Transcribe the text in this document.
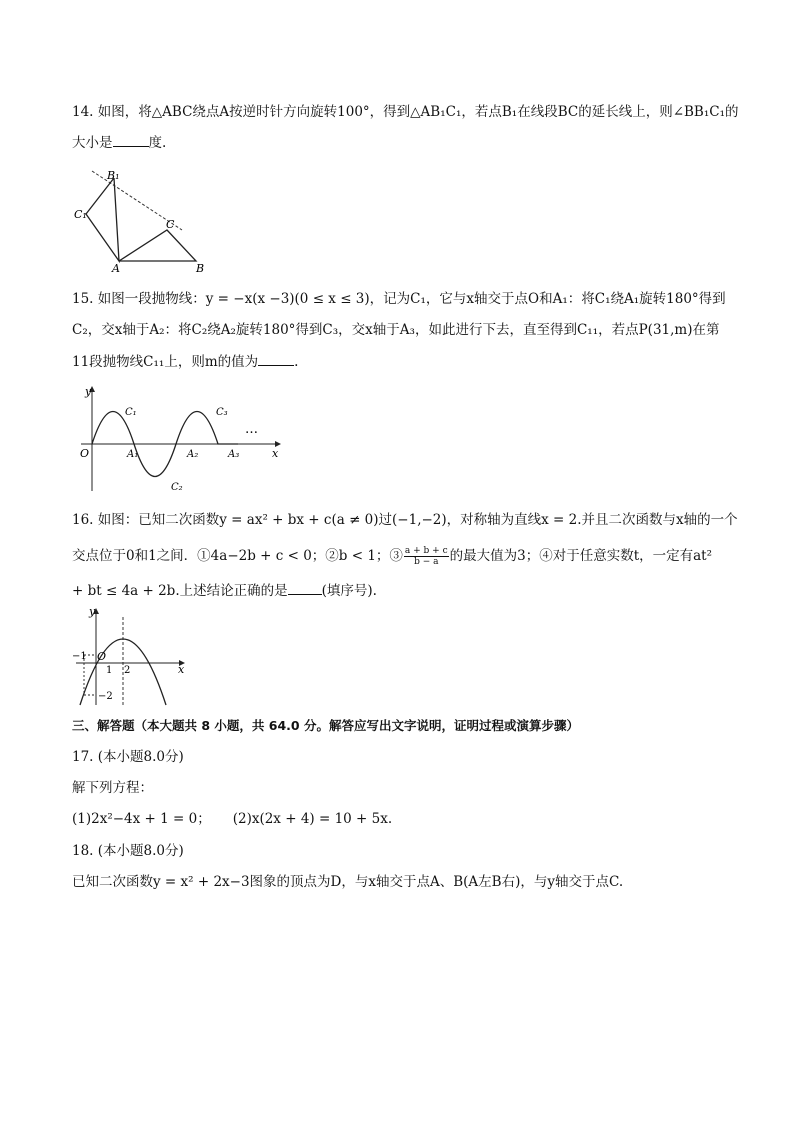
14. 如图，将△ABC绕点A按逆时针方向旋转100°，得到△AB₁C₁，若点B₁在线段BC的延长线上，则∠BB₁C₁的
大小是	度.
B₁
C₁
C
A	B
15. 如图一段抛物线：y = −x(x −3)(0 ≤ x ≤ 3)，记为C₁，它与x轴交于点O和A₁：将C₁绕A₁旋转180°得到
C₂，交x轴于A₂：将C₂绕A₂旋转180°得到C₃，交x轴于A₃，如此进行下去，直至得到C₁₁，若点P(31,m)在第
11段抛物线C₁₁上，则m的值为	.
y
x
O	A₁	A₂	A₃
C₁
C₂
C₃
…
16. 如图：已知二次函数y = ax² + bx + c(a ≠ 0)过(−1,−2)，对称轴为直线x = 2.并且二次函数与x轴的一个
交点位于0和1之间．①4a−2b + c < 0；②b < 1；③ $\frac{a + b + c}{b - a}$ 的最大值为3；④对于任意实数t，一定有at²
+ bt ≤ 4a + 2b.上述结论正确的是	(填序号).
y
x
O
−1
1 2
−2
三、解答题（本大题共 8 小题，共 64.0 分。解答应写出文字说明，证明过程或演算步骤）
17. (本小题8.0分)
解下列方程：
(1)2x²−4x + 1 = 0； (2)x(2x + 4) = 10 + 5x.
18. (本小题8.0分)
已知二次函数y = x² + 2x−3图象的顶点为D，与x轴交于点A、B(A左B右)，与y轴交于点C.
